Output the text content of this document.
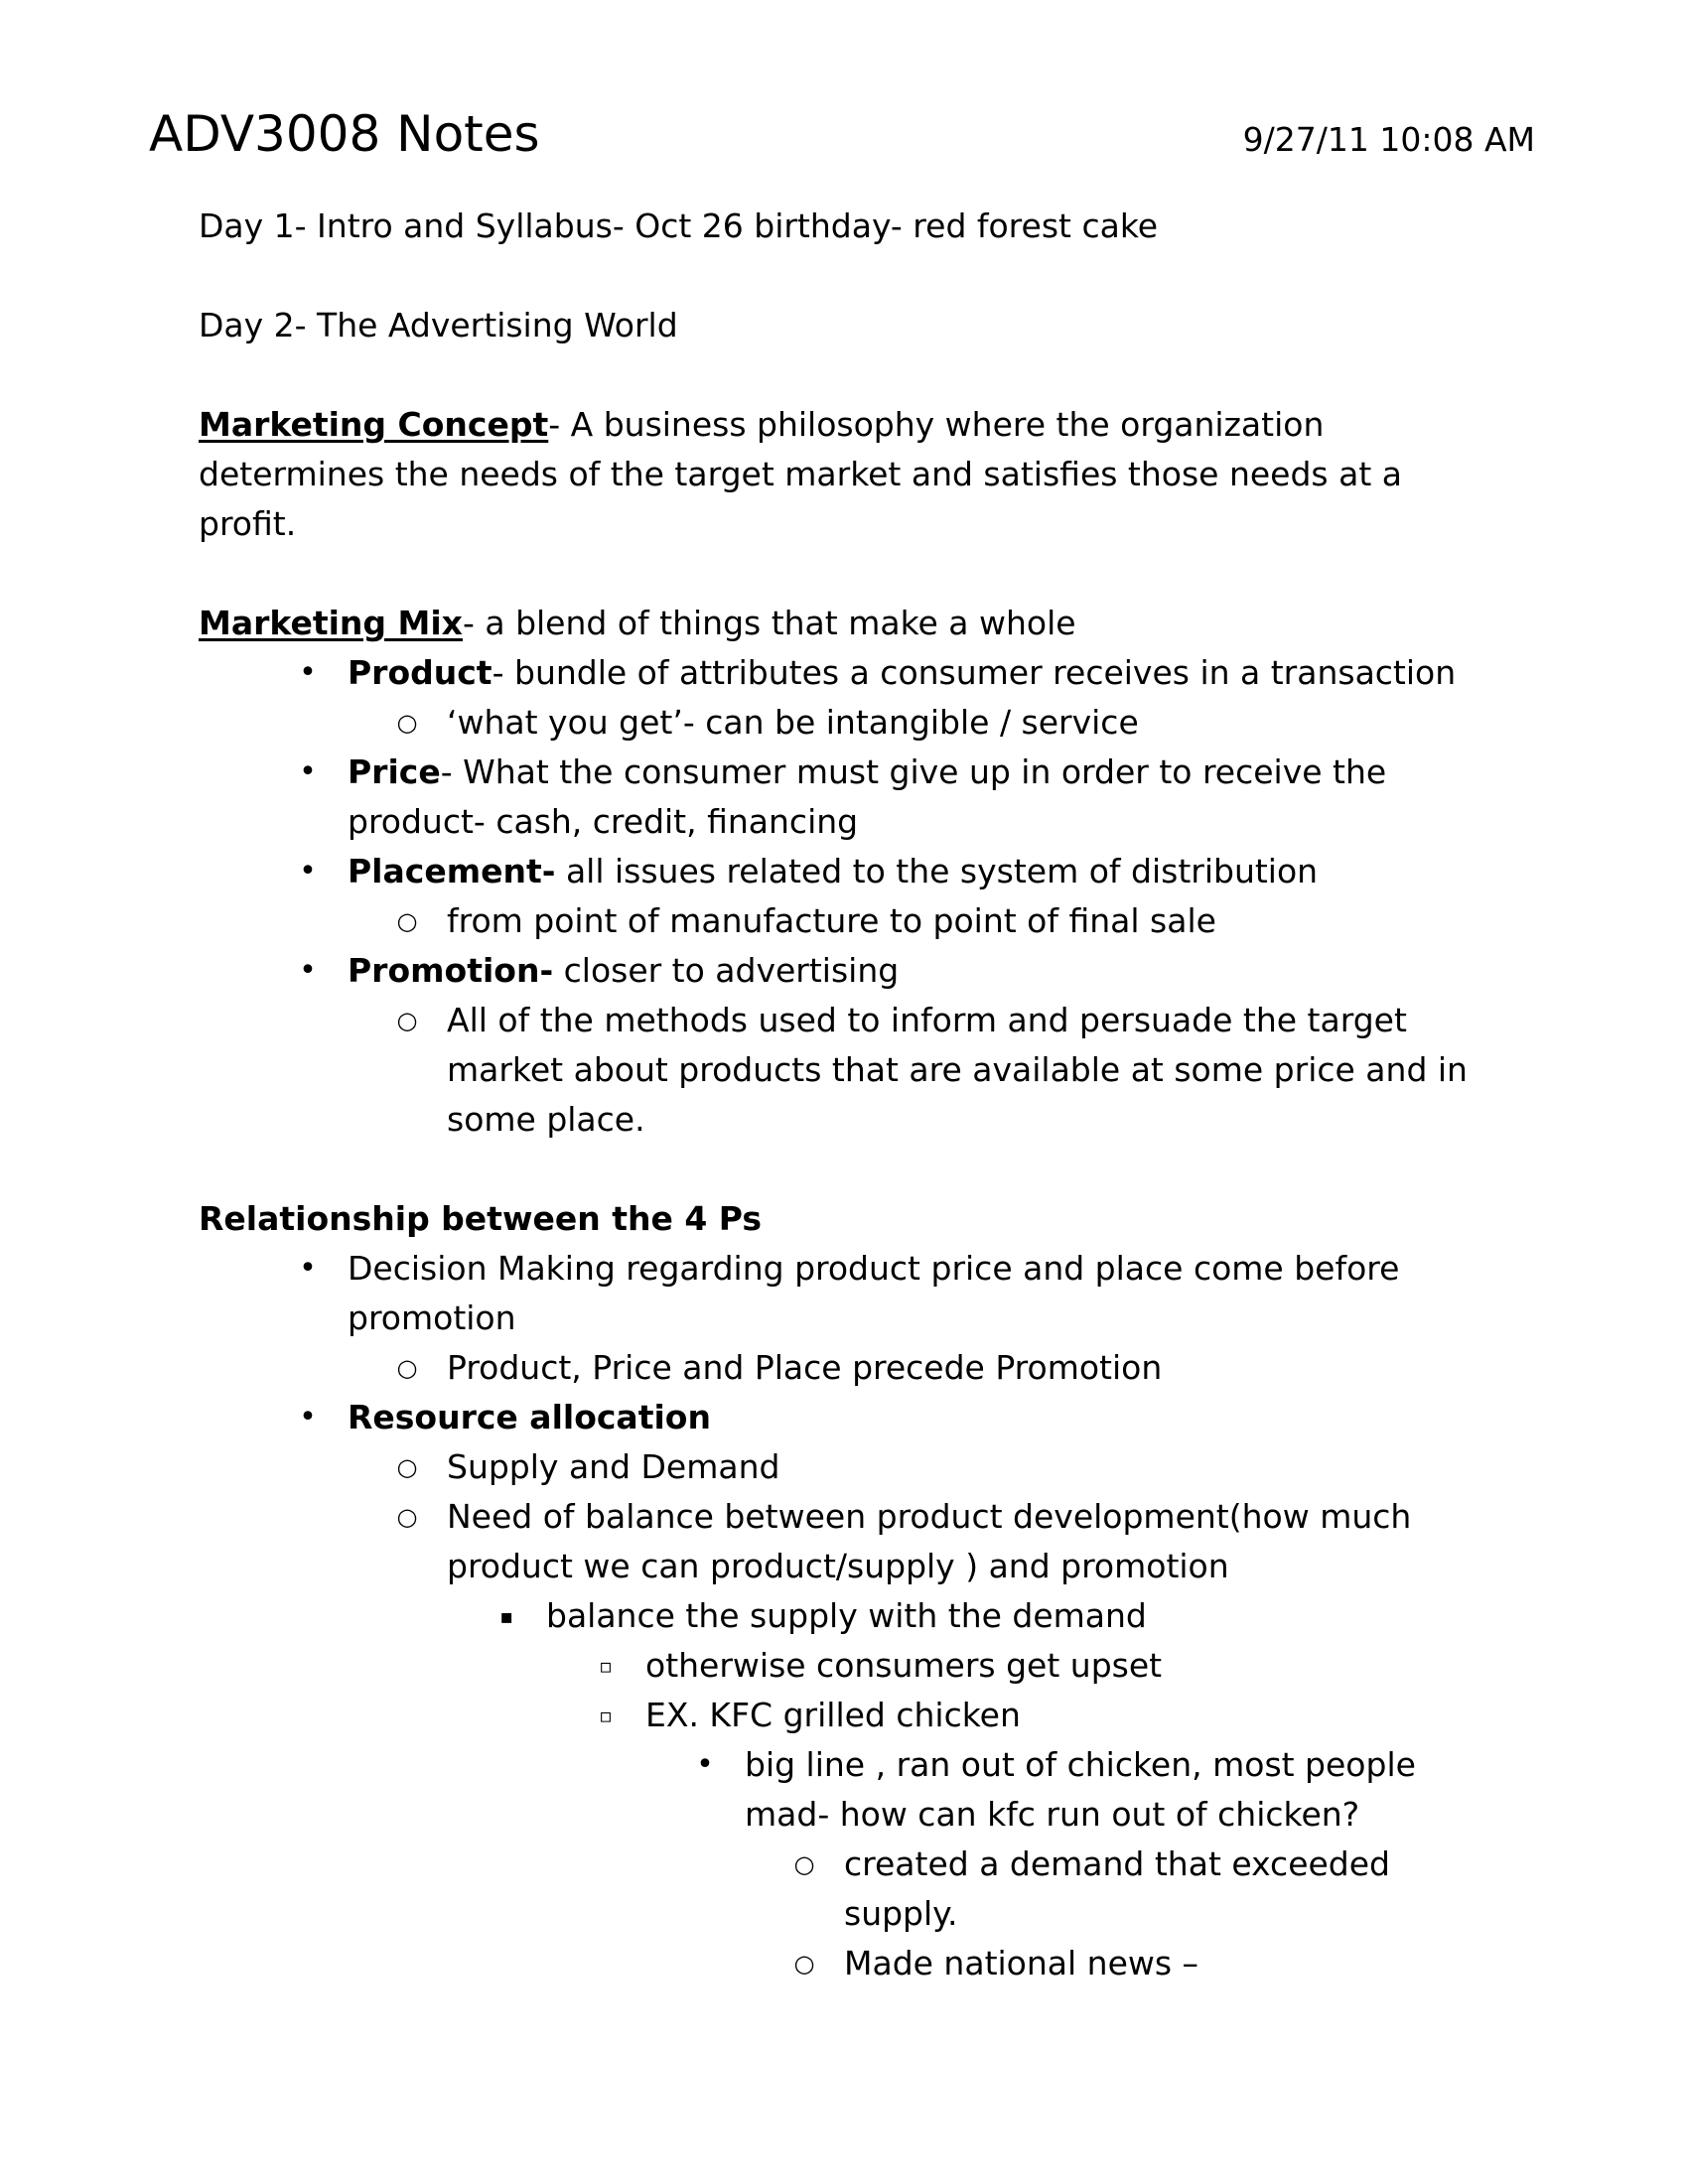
ADV3008 Notes	9/27/11 10:08 AM

Day 1- Intro and Syllabus- Oct 26 birthday- red forest cake

Day 2- The Advertising World

Marketing Concept- A business philosophy where the organization determines the needs of the target market and satisfies those needs at a profit.

Marketing Mix- a blend of things that make a whole

• Product- bundle of attributes a consumer receives in a transaction
○ ‘what you get’- can be intangible / service
• Price- What the consumer must give up in order to receive the product- cash, credit, financing
• Placement- all issues related to the system of distribution
○ from point of manufacture to point of final sale
• Promotion- closer to advertising
○ All of the methods used to inform and persuade the target market about products that are available at some price and in some place.

Relationship between the 4 Ps

• Decision Making regarding product price and place come before promotion
○ Product, Price and Place precede Promotion
• Resource allocation
○ Supply and Demand
○ Need of balance between product development(how much product we can product/supply ) and promotion
▪ balance the supply with the demand
▫ otherwise consumers get upset
▫ EX. KFC grilled chicken
• big line , ran out of chicken, most people mad- how can kfc run out of chicken?
○ created a demand that exceeded supply.
○ Made national news –
